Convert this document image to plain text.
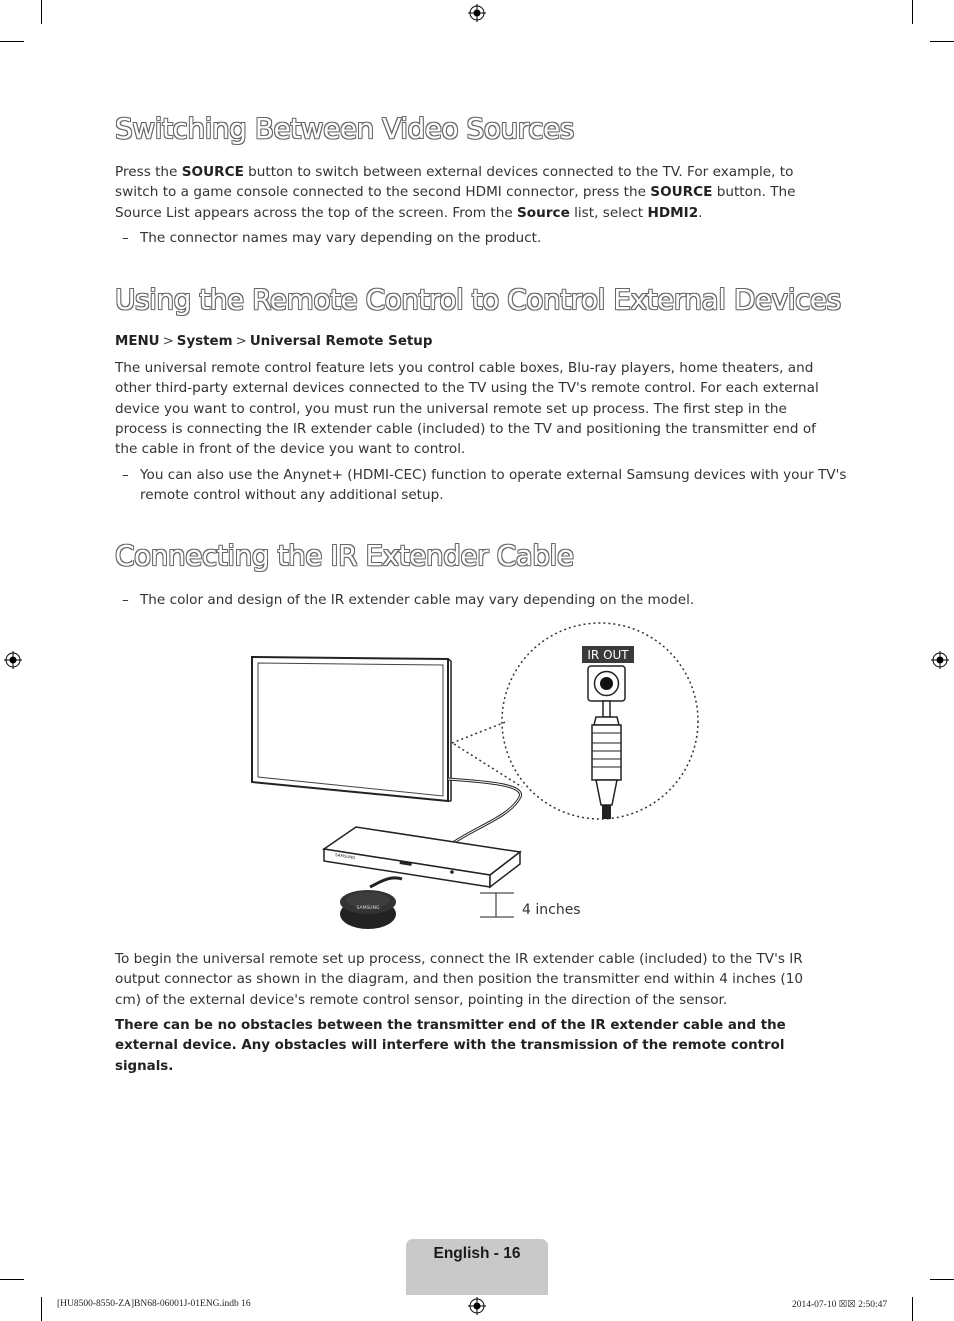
Switching Between Video Sources

Press the SOURCE button to switch between external devices connected to the TV. For example, to switch to a game console connected to the second HDMI connector, press the SOURCE button. The Source List appears across the top of the screen. From the Source list, select HDMI2.

– The connector names may vary depending on the product.
Using the Remote Control to Control External Devices
MENU > System > Universal Remote Setup

The universal remote control feature lets you control cable boxes, Blu-ray players, home theaters, and other third-party external devices connected to the TV using the TV's remote control. For each external device you want to control, you must run the universal remote set up process. The first step in the process is connecting the IR extender cable (included) to the TV and positioning the transmitter end of the cable in front of the device you want to control.

– You can also use the Anynet+ (HDMI-CEC) function to operate external Samsung devices with your TV's remote control without any additional setup.
Connecting the IR Extender Cable
– The color and design of the IR extender cable may vary depending on the model.
SAMSUNG
SAMSUNG	4 inches
IR OUT

To begin the universal remote set up process, connect the IR extender cable (included) to the TV's IR output connector as shown in the diagram, and then position the transmitter end within 4 inches (10 cm) of the external device's remote control sensor, pointing in the direction of the sensor.

There can be no obstacles between the transmitter end of the IR extender cable and the external device. Any obstacles will interfere with the transmission of the remote control signals.

English - 16
[HU8500-8550-ZA]BN68-06001J-01ENG.indb 16	2014-07-10 ☒☒ 2:50:47
